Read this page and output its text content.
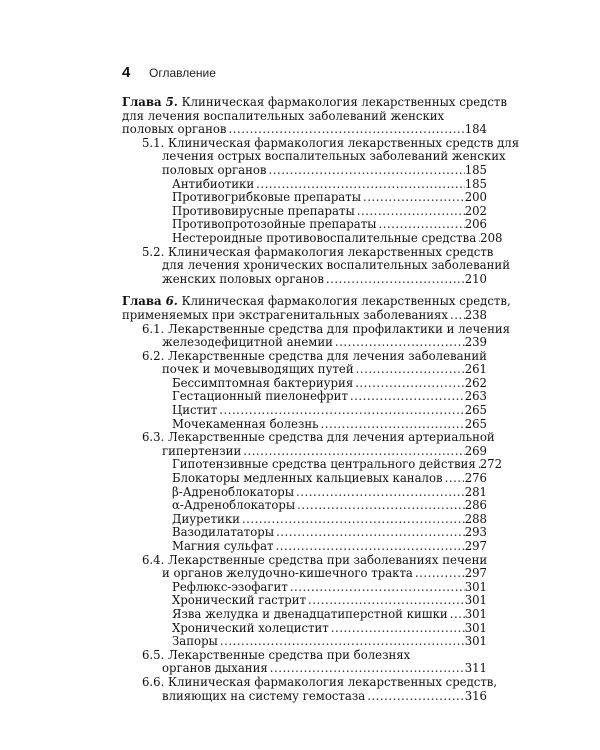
4 Оглавление
Глава 5. Клиническая фармакология лекарственных средств
для лечения воспалительных заболеваний женских
половых органов . . .	184
5.1. Клиническая фармакология лекарственных средств для
лечения острых воспалительных заболеваний женских
половых органов . . .	185
Антибиотики . . .	185
Противогрибковые препараты . . .	200
Противовирусные препараты . . .	202
Противопротозойные препараты . . .	206
Нестероидные противовоспалительные средства . . . 208
5.2. Клиническая фармакология лекарственных средств
для лечения хронических воспалительных заболеваний
женских половых органов . . .	210
Глава 6. Клиническая фармакология лекарственных средств,
применяемых при экстрагенитальных заболеваниях . . . 238
6.1. Лекарственные средства для профилактики и лечения
железодефицитной анемии . . .	239
6.2. Лекарственные средства для лечения заболеваний
почек и мочевыводящих путей . . .	261
Бессимптомная бактериурия . . .	262
Гестационный пиелонефрит . . .	263
Цистит . . .	265
Мочекаменная болезнь . . .	265
6.3. Лекарственные средства для лечения артериальной
гипертензии . . .	269
Гипотензивные средства центрального действия . . . 272
Блокаторы медленных кальциевых каналов . . . 276
β-Адреноблокаторы . . .	281
α-Адреноблокаторы . . .	286
Диуретики . . .	288
Вазодилататоры . . .	293
Магния сульфат . . .	297
6.4. Лекарственные средства при заболеваниях печени
и органов желудочно-кишечного тракта . . .	297
Рефлюкс-эзофагит . . .	301
Хронический гастрит . . .	301
Язва желудка и двенадцатиперстной кишки . . . 301
Хронический холецистит . . .	301
Запоры . . .	301
6.5. Лекарственные средства при болезнях
органов дыхания . . .	311
6.6. Клиническая фармакология лекарственных средств,
влияющих на систему гемостаза . . .	316
